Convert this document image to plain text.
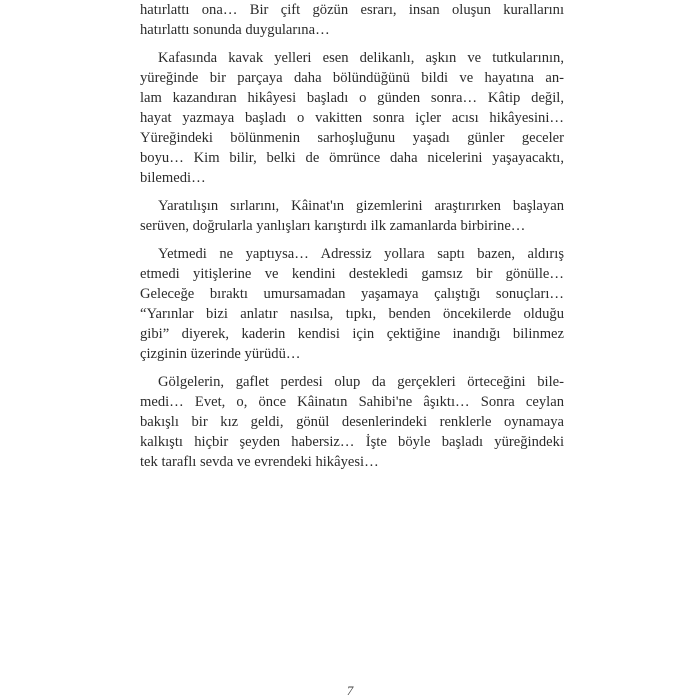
hatırlattı ona… Bir çift gözün esrarı, insan oluşun kurallarını
hatırlattı sonunda duygularına…
Kafasında kavak yelleri esen delikanlı, aşkın ve tutkularının,
yüreğinde bir parçaya daha bölündüğünü bildi ve hayatına an-
lam kazandıran hikâyesi başladı o günden sonra… Kâtip değil,
hayat yazmaya başladı o vakitten sonra içler acısı hikâyesini…
Yüreğindeki bölünmenin sarhoşluğunu yaşadı günler geceler
boyu… Kim bilir, belki de ömrünce daha nicelerini yaşayacaktı,
bilemedi…
Yaratılışın sırlarını, Kâinat'ın gizemlerini araştırırken başlayan
serüven, doğrularla yanlışları karıştırdı ilk zamanlarda birbirine…
Yetmedi ne yaptıysa… Adressiz yollara saptı bazen, aldırış
etmedi yitişlerine ve kendini destekledi gamsız bir gönülle…
Geleceğe bıraktı umursamadan yaşamaya çalıştığı sonuçları…
“Yarınlar bizi anlatır nasılsa, tıpkı, benden öncekilerde olduğu
gibi” diyerek, kaderin kendisi için çektiğine inandığı bilinmez
çizginin üzerinde yürüdü…
Gölgelerin, gaflet perdesi olup da gerçekleri örteceğini bile-
medi… Evet, o, önce Kâinatın Sahibi'ne âşıktı… Sonra ceylan
bakışlı bir kız geldi, gönül desenlerindeki renklerle oynamaya
kalkıştı hiçbir şeyden habersiz… İşte böyle başladı yüreğindeki
tek taraflı sevda ve evrendeki hikâyesi…
7
